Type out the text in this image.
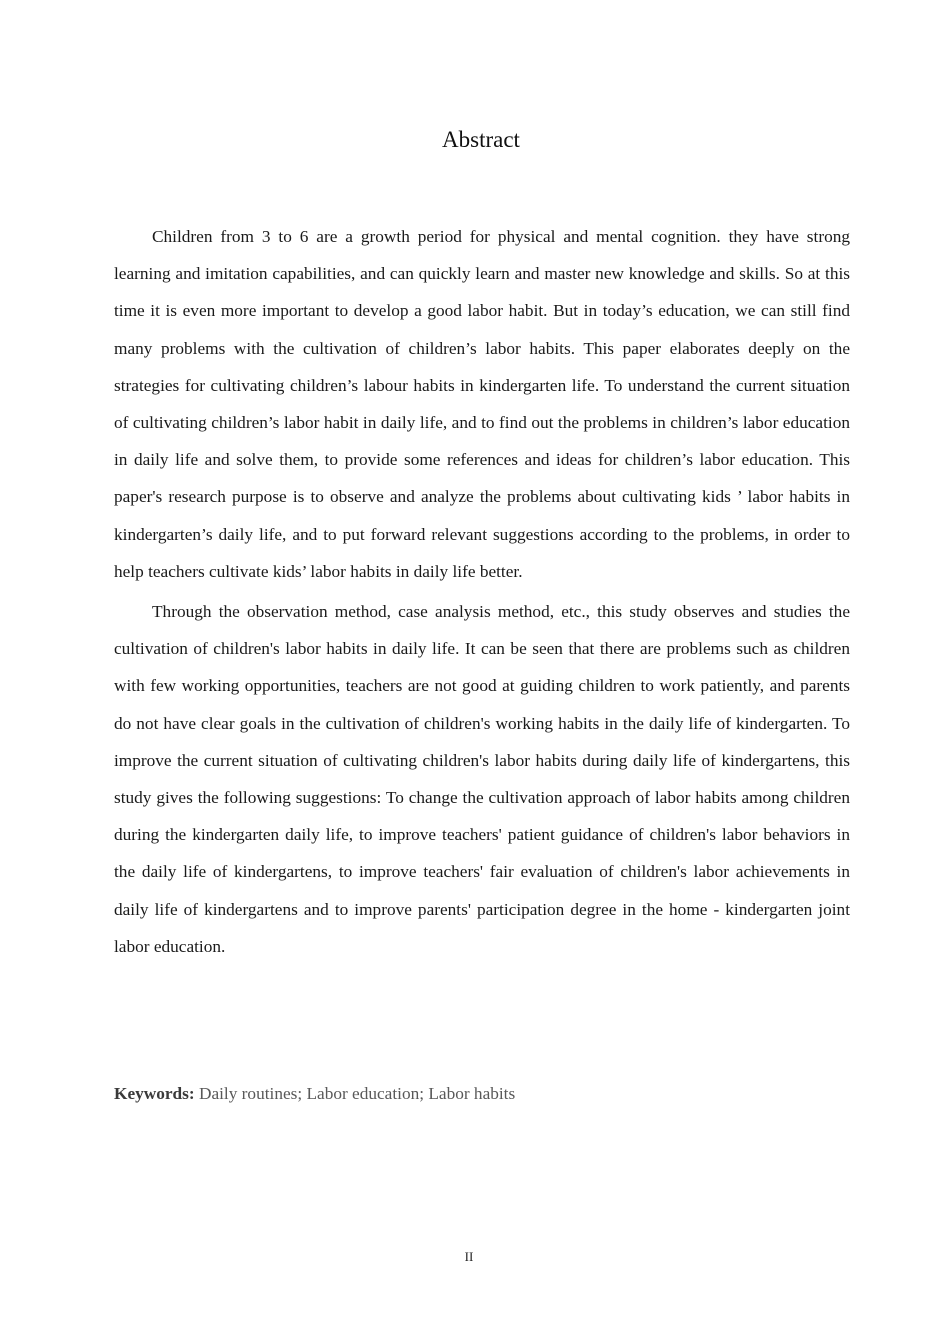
Abstract

Children from 3 to 6 are a growth period for physical and mental cognition. they have strong learning and imitation capabilities, and can quickly learn and master new knowledge and skills. So at this time it is even more important to develop a good labor habit. But in today’s education, we can still find many problems with the cultivation of children’s labor habits. This paper elaborates deeply on the strategies for cultivating children’s labour habits in kindergarten life. To understand the current situation of cultivating children’s labor habit in daily life, and to find out the problems in children’s labor education in daily life and solve them, to provide some references and ideas for children’s labor education. This paper's research purpose is to observe and analyze the problems about cultivating kids ’ labor habits in kindergarten’s daily life, and to put forward relevant suggestions according to the problems, in order to help teachers cultivate kids’ labor habits in daily life better.

Through the observation method, case analysis method, etc., this study observes and studies the cultivation of children's labor habits in daily life. It can be seen that there are problems such as children with few working opportunities, teachers are not good at guiding children to work patiently, and parents do not have clear goals in the cultivation of children's working habits in the daily life of kindergarten. To improve the current situation of cultivating children's labor habits during daily life of kindergartens, this study gives the following suggestions: To change the cultivation approach of labor habits among children during the kindergarten daily life, to improve teachers' patient guidance of children's labor behaviors in the daily life of kindergartens, to improve teachers' fair evaluation of children's labor achievements in daily life of kindergartens and to improve parents' participation degree in the home - kindergarten joint labor education.

Keywords: Daily routines; Labor education; Labor habits
II
